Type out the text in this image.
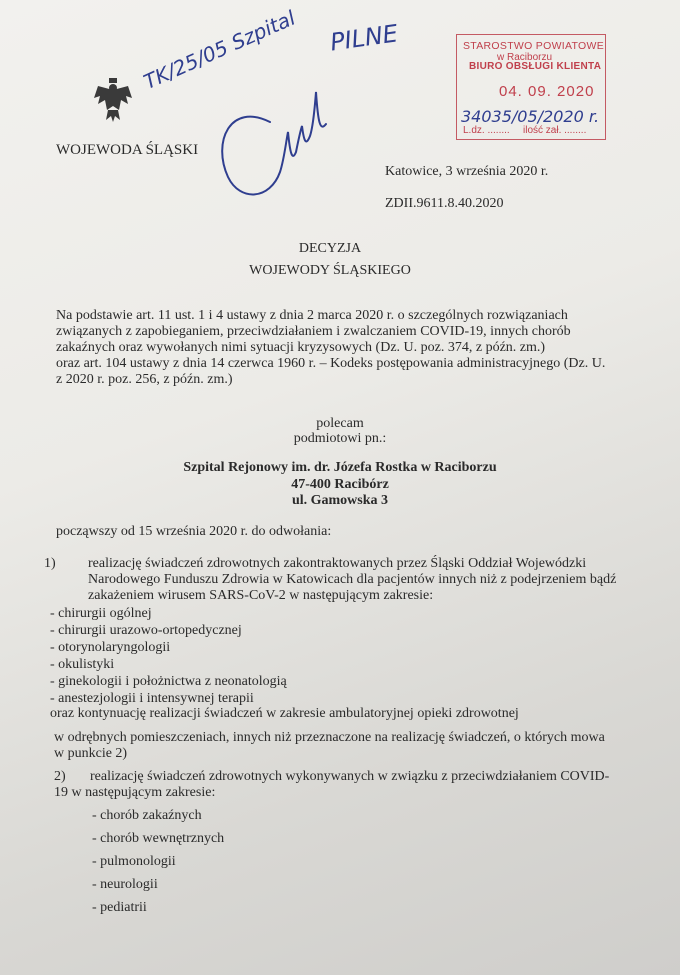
WOJEWODA ŚLĄSKI
TK/25/05 Szpital PILNE	STAROSTWO POWIATOWE
w Raciborzu
BIURO OBSŁUGI KLIENTA
04. 09. 2020
34035/05/2020 r.
L.dz. ........ ilość zał. ........
Katowice, 3 września 2020 r.
ZDII.9611.8.40.2020
DECYZJA
WOJEWODY ŚLĄSKIEGO
Na podstawie art. 11 ust. 1 i 4 ustawy z dnia 2 marca 2020 r. o szczególnych rozwiązaniach
związanych z zapobieganiem, przeciwdziałaniem i zwalczaniem COVID-19, innych chorób
zakaźnych oraz wywołanych nimi sytuacji kryzysowych (Dz. U. poz. 374, z późn. zm.)
oraz art. 104 ustawy z dnia 14 czerwca 1960 r. – Kodeks postępowania administracyjnego (Dz. U.
z 2020 r. poz. 256, z późn. zm.)
polecam
podmiotowi pn.:
Szpital Rejonowy im. dr. Józefa Rostka w Raciborzu
47-400 Racibórz
ul. Gamowska 3
począwszy od 15 września 2020 r. do odwołania:
1) realizację świadczeń zdrowotnych zakontraktowanych przez Śląski Oddział Wojewódzki
Narodowego Funduszu Zdrowia w Katowicach dla pacjentów innych niż z podejrzeniem bądź
zakażeniem wirusem SARS-CoV-2 w następującym zakresie:
- chirurgii ogólnej
- chirurgii urazowo-ortopedycznej
- otorynolaryngologii
- okulistyki
- ginekologii i położnictwa z neonatologią
- anestezjologii i intensywnej terapii
oraz kontynuację realizacji świadczeń w zakresie ambulatoryjnej opieki zdrowotnej
w odrębnych pomieszczeniach, innych niż przeznaczone na realizację świadczeń, o których mowa
w punkcie 2)
2) realizację świadczeń zdrowotnych wykonywanych w związku z przeciwdziałaniem COVID-
19 w następującym zakresie:
- chorób zakaźnych
- chorób wewnętrznych
- pulmonologii
- neurologii
- pediatrii
